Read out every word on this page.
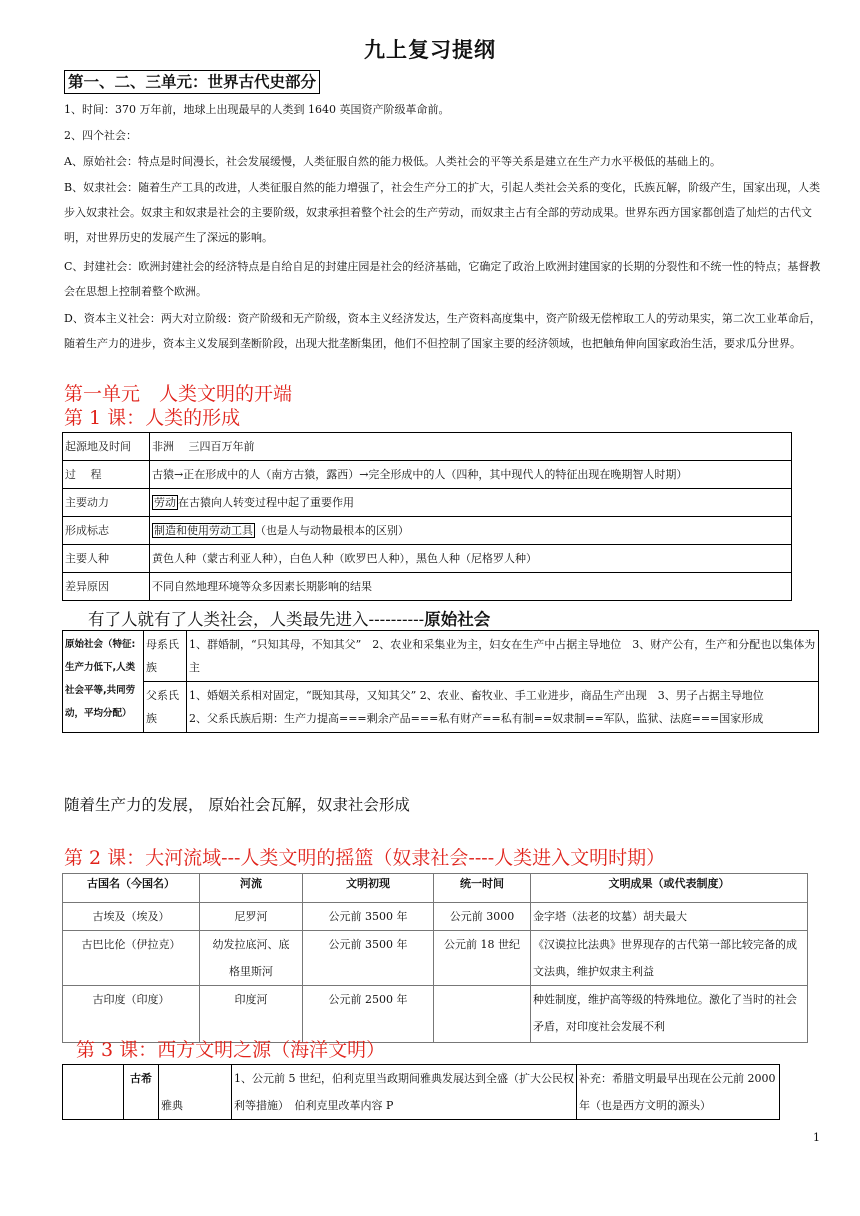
九上复习提纲
第一、二、三单元：世界古代史部分
1、时间：370 万年前，地球上出现最早的人类到 1640 英国资产阶级革命前。
2、四个社会：
A、原始社会：特点是时间漫长，社会发展缓慢，人类征服自然的能力极低。人类社会的平等关系是建立在生产力水平极低的基础上的。
B、奴隶社会：随着生产工具的改进，人类征服自然的能力增强了，社会生产分工的扩大，引起人类社会关系的变化，氏族瓦解，阶级产生，国家出现，人类步入奴隶社会。奴隶主和奴隶是社会的主要阶级，奴隶承担着整个社会的生产劳动，而奴隶主占有全部的劳动成果。世界东西方国家都创造了灿烂的古代文明，对世界历史的发展产生了深远的影响。
C、封建社会：欧洲封建社会的经济特点是自给自足的封建庄园是社会的经济基础，它确定了政治上欧洲封建国家的长期的分裂性和不统一性的特点；基督教会在思想上控制着整个欧洲。
D、资本主义社会：两大对立阶级：资产阶级和无产阶级，资本主义经济发达，生产资料高度集中，资产阶级无偿榨取工人的劳动果实，第二次工业革命后，随着生产力的进步，资本主义发展到垄断阶段，出现大批垄断集团，他们不但控制了国家主要的经济领域，也把触角伸向国家政治生活，要求瓜分世界。
第一单元　人类文明的开端
第 1 课：人类的形成
起源地及时间	非洲　 三四百万年前
过　 程	古猿→正在形成中的人（南方古猿，露西）→完全形成中的人（四种，其中现代人的特征出现在晚期智人时期）
主要动力	劳动 在古猿向人转变过程中起了重要作用
形成标志	制造和使用劳动工具 （也是人与动物最根本的区别）
主要人种	黄色人种（蒙古利亚人种），白色人种（欧罗巴人种），黑色人种（尼格罗人种）
差异原因	不同自然地理环境等众多因素长期影响的结果
有了人就有了人类社会，人类最先进入----------原始社会
原始社会（特征:生产力低下,人类社会平等,共同劳动，平均分配）	母系氏族	1、群婚制，“只知其母，不知其父”　2、农业和采集业为主，妇女在生产中占据主导地位　3、财产公有，生产和分配也以集体为主
	父系氏族	1、婚姻关系相对固定，“既知其母，又知其父” 2、农业、畜牧业、手工业进步，商品生产出现　3、男子占据主导地位
2、父系氏族后期：生产力提高===剩余产品===私有财产==私有制==奴隶制==军队，监狱、法庭===国家形成
随着生产力的发展， 原始社会瓦解，奴隶社会形成
第 2 课：大河流域---人类文明的摇篮（奴隶社会----人类进入文明时期）
古国名（今国名）	河流	文明初现	统一时间	文明成果（或代表制度）
古埃及（埃及）	尼罗河	公元前 3500 年	公元前 3000	金字塔（法老的坟墓）胡夫最大
古巴比伦（伊拉克）	幼发拉底河、底格里斯河	公元前 3500 年	公元前 18 世纪	《汉谟拉比法典》世界现存的古代第一部比较完备的成文法典，维护奴隶主利益
古印度（印度）	印度河	公元前 2500 年		种姓制度，维护高等级的特殊地位。激化了当时的社会矛盾，对印度社会发展不利
第 3 课：西方文明之源（海洋文明）
	古希	雅典	1、公元前 5 世纪，伯利克里当政期间雅典发展达到全盛（扩大公民权利等措施）　伯利克里改革内容 P	补充：希腊文明最早出现在公元前 2000 年（也是西方文明的源头）
1
